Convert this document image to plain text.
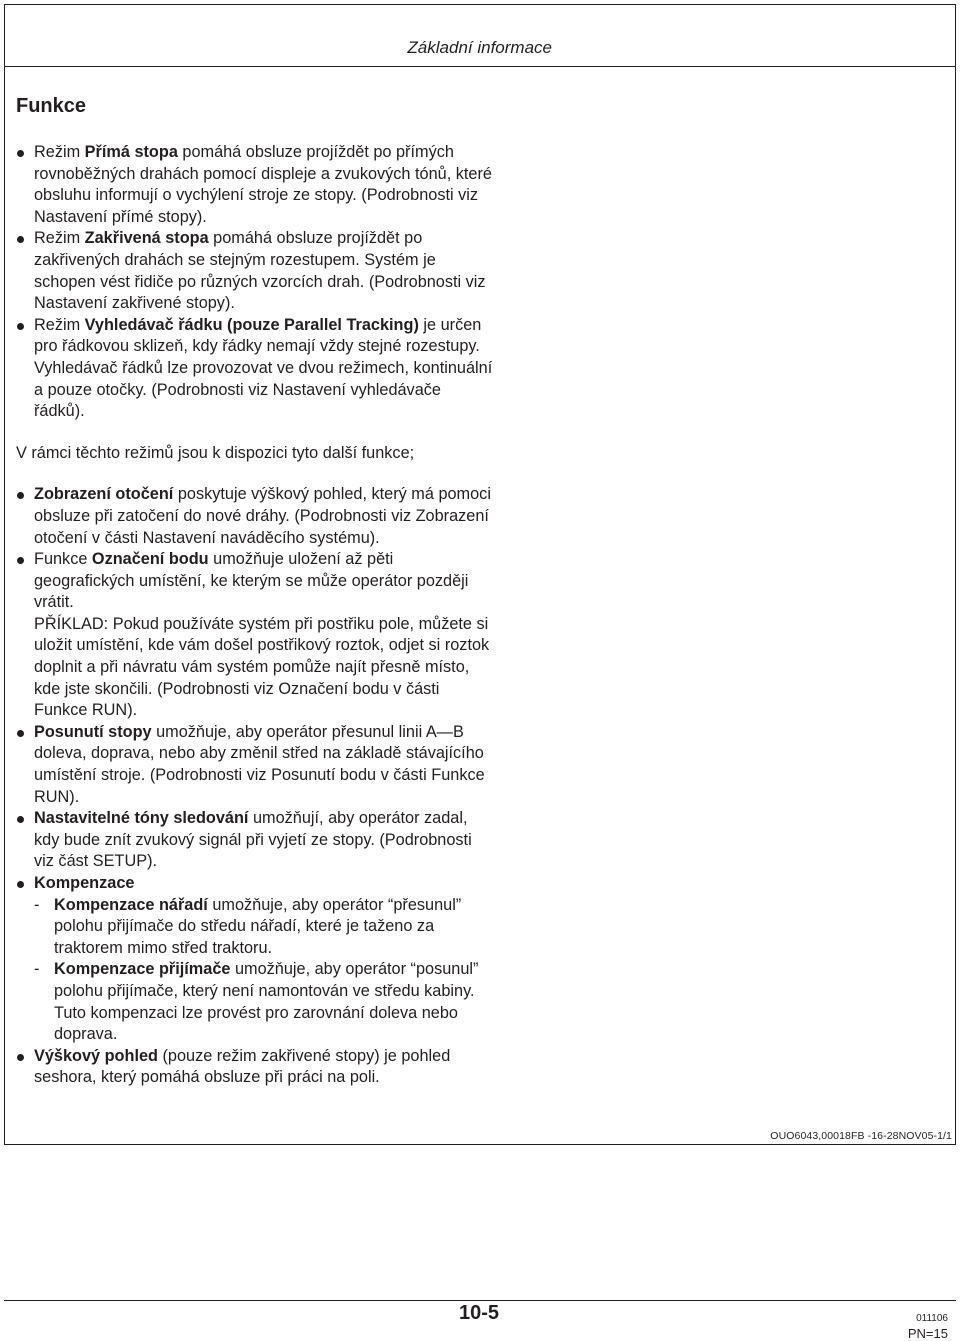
Základní informace
Funkce
Režim Přímá stopa pomáhá obsluze projíždět po přímých rovnoběžných drahách pomocí displeje a zvukových tónů, které obsluhu informují o vychýlení stroje ze stopy. (Podrobnosti viz Nastavení přímé stopy).
Režim Zakřivená stopa pomáhá obsluze projíždět po zakřivených drahách se stejným rozestupem. Systém je schopen vést řidiče po různých vzorcích drah. (Podrobnosti viz Nastavení zakřivené stopy).
Režim Vyhledávač řádku (pouze Parallel Tracking) je určen pro řádkovou sklizeň, kdy řádky nemají vždy stejné rozestupy. Vyhledávač řádků lze provozovat ve dvou režimech, kontinuální a pouze otočky. (Podrobnosti viz Nastavení vyhledávače řádků).

V rámci těchto režimů jsou k dispozici tyto další funkce;

Zobrazení otočení poskytuje výškový pohled, který má pomoci obsluze při zatočení do nové dráhy. (Podrobnosti viz Zobrazení otočení v části Nastavení naváděcího systému).
Funkce Označení bodu umožňuje uložení až pěti geografických umístění, ke kterým se může operátor později vrátit.
PŘÍKLAD: Pokud používáte systém při postřiku pole, můžete si uložit umístění, kde vám došel postřikový roztok, odjet si roztok doplnit a při návratu vám systém pomůže najít přesně místo, kde jste skončili. (Podrobnosti viz Označení bodu v části Funkce RUN).
Posunutí stopy umožňuje, aby operátor přesunul linii A—B doleva, doprava, nebo aby změnil střed na základě stávajícího umístění stroje. (Podrobnosti viz Posunutí bodu v části Funkce RUN).
Nastavitelné tóny sledování umožňují, aby operátor zadal, kdy bude znít zvukový signál při vyjetí ze stopy. (Podrobnosti viz část SETUP).
Kompenzace
- Kompenzace nářadí umožňuje, aby operátor “přesunul” polohu přijímače do středu nářadí, které je taženo za traktorem mimo střed traktoru.
- Kompenzace přijímače umožňuje, aby operátor “posunul” polohu přijímače, který není namontován ve středu kabiny. Tuto kompenzaci lze provést pro zarovnání doleva nebo doprava.
Výškový pohled (pouze režim zakřivené stopy) je pohled seshora, který pomáhá obsluze při práci na poli.
OUO6043,00018FB -16-28NOV05-1/1
10-5	011106
PN=15
